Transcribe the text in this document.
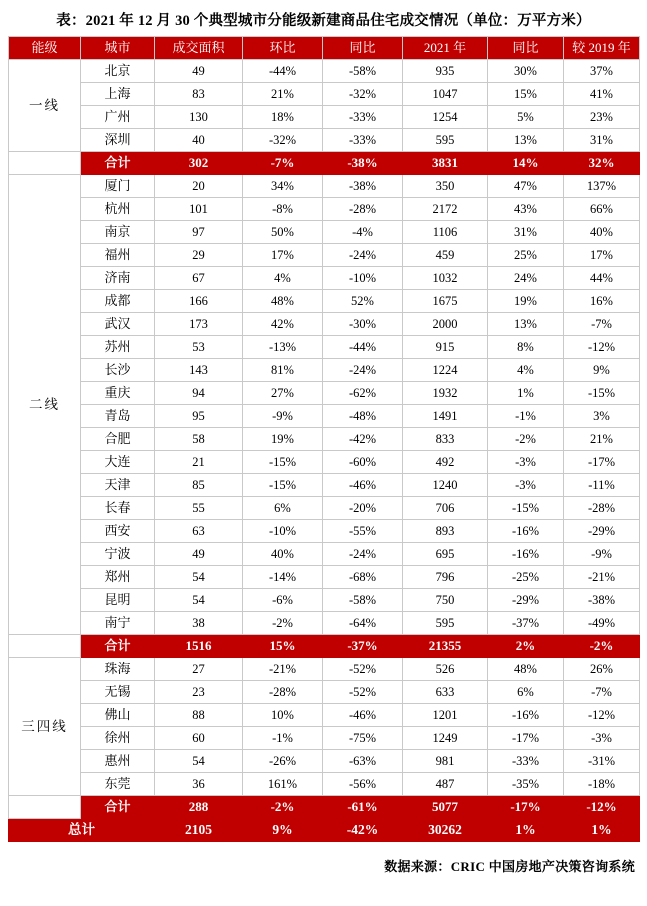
表：2021 年 12 月 30 个典型城市分能级新建商品住宅成交情况（单位：万平方米）
能级	城市	成交面积	环比	同比	2021 年	同比	较 2019 年
一线	北京	49	-44%	-58%	935	30%	37%
	上海	83	21%	-32%	1047	15%	41%
	广州	130	18%	-33%	1254	5%	23%
	深圳	40	-32%	-33%	595	13%	31%
	合计	302	-7%	-38%	3831	14%	32%
二线	厦门	20	34%	-38%	350	47%	137%
	杭州	101	-8%	-28%	2172	43%	66%
	南京	97	50%	-4%	1106	31%	40%
	福州	29	17%	-24%	459	25%	17%
	济南	67	4%	-10%	1032	24%	44%
	成都	166	48%	52%	1675	19%	16%
	武汉	173	42%	-30%	2000	13%	-7%
	苏州	53	-13%	-44%	915	8%	-12%
	长沙	143	81%	-24%	1224	4%	9%
	重庆	94	27%	-62%	1932	1%	-15%
	青岛	95	-9%	-48%	1491	-1%	3%
	合肥	58	19%	-42%	833	-2%	21%
	大连	21	-15%	-60%	492	-3%	-17%
	天津	85	-15%	-46%	1240	-3%	-11%
	长春	55	6%	-20%	706	-15%	-28%
	西安	63	-10%	-55%	893	-16%	-29%
	宁波	49	40%	-24%	695	-16%	-9%
	郑州	54	-14%	-68%	796	-25%	-21%
	昆明	54	-6%	-58%	750	-29%	-38%
	南宁	38	-2%	-64%	595	-37%	-49%
	合计	1516	15%	-37%	21355	2%	-2%
三四线	珠海	27	-21%	-52%	526	48%	26%
	无锡	23	-28%	-52%	633	6%	-7%
	佛山	88	10%	-46%	1201	-16%	-12%
	徐州	60	-1%	-75%	1249	-17%	-3%
	惠州	54	-26%	-63%	981	-33%	-31%
	东莞	36	161%	-56%	487	-35%	-18%
	合计	288	-2%	-61%	5077	-17%	-12%
总计		2105	9%	-42%	30262	1%	1%
数据来源：CRIC 中国房地产决策咨询系统
